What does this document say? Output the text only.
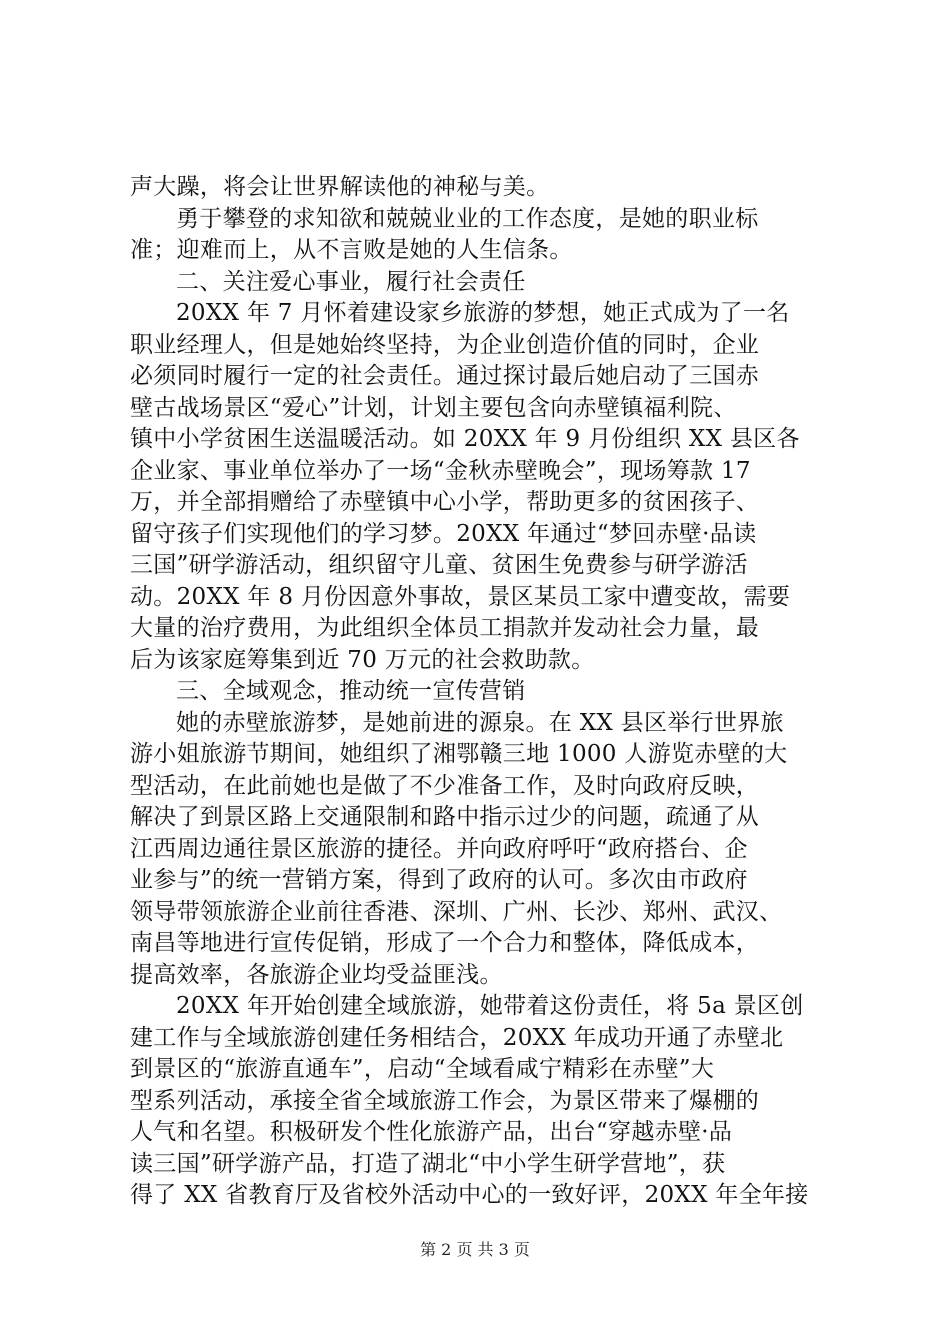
声大躁，将会让世界解读他的神秘与美。
勇于攀登的求知欲和兢兢业业的工作态度，是她的职业标
准；迎难而上，从不言败是她的人生信条。
二、关注爱心事业，履行社会责任
20XX 年 7 月怀着建设家乡旅游的梦想，她正式成为了一名
职业经理人，但是她始终坚持，为企业创造价值的同时，企业
必须同时履行一定的社会责任。通过探讨最后她启动了三国赤
壁古战场景区“爱心”计划，计划主要包含向赤壁镇福利院、
镇中小学贫困生送温暖活动。如 20XX 年 9 月份组织 XX 县区各
企业家、事业单位举办了一场“金秋赤壁晚会”，现场筹款 17
万，并全部捐赠给了赤壁镇中心小学，帮助更多的贫困孩子、
留守孩子们实现他们的学习梦。20XX 年通过“梦回赤壁·品读
三国”研学游活动，组织留守儿童、贫困生免费参与研学游活
动。20XX 年 8 月份因意外事故，景区某员工家中遭变故，需要
大量的治疗费用，为此组织全体员工捐款并发动社会力量，最
后为该家庭筹集到近 70 万元的社会救助款。
三、全域观念，推动统一宣传营销
她的赤壁旅游梦，是她前进的源泉。在 XX 县区举行世界旅
游小姐旅游节期间，她组织了湘鄂赣三地 1000 人游览赤壁的大
型活动，在此前她也是做了不少准备工作，及时向政府反映，
解决了到景区路上交通限制和路中指示过少的问题，疏通了从
江西周边通往景区旅游的捷径。并向政府呼吁“政府搭台、企
业参与”的统一营销方案，得到了政府的认可。多次由市政府
领导带领旅游企业前往香港、深圳、广州、长沙、郑州、武汉、
南昌等地进行宣传促销，形成了一个合力和整体，降低成本，
提高效率，各旅游企业均受益匪浅。
20XX 年开始创建全域旅游，她带着这份责任，将 5a 景区创
建工作与全域旅游创建任务相结合，20XX 年成功开通了赤壁北
到景区的“旅游直通车”，启动“全域看咸宁精彩在赤壁”大
型系列活动，承接全省全域旅游工作会，为景区带来了爆棚的
人气和名望。积极研发个性化旅游产品，出台“穿越赤壁·品
读三国”研学游产品，打造了湖北“中小学生研学营地”，获
得了 XX 省教育厅及省校外活动中心的一致好评，20XX 年全年接
第 2 页 共 3 页
